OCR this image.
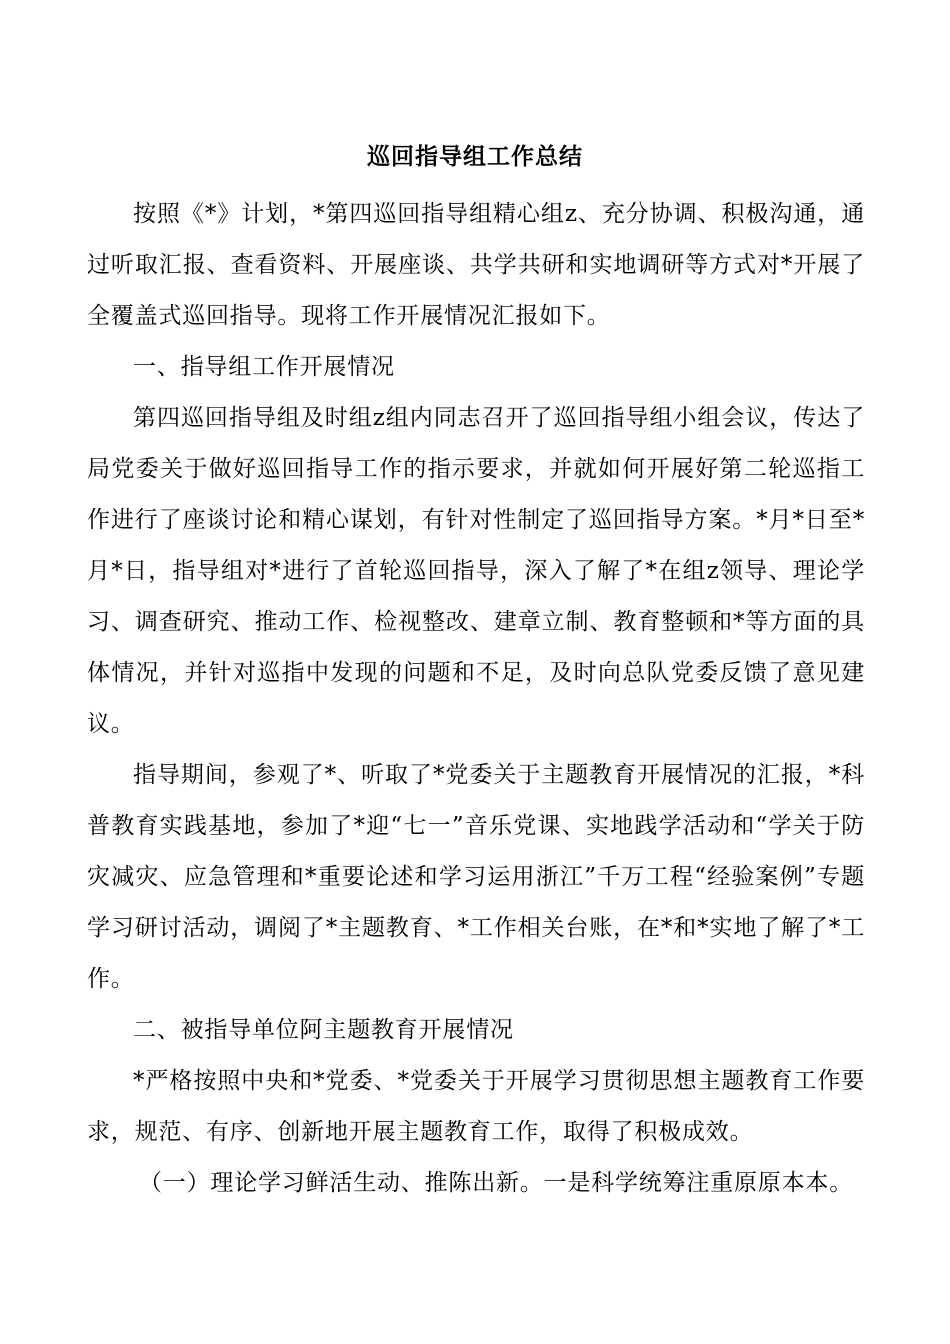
巡回指导组工作总结

按照《*》计划，*第四巡回指导组精心组z、充分协调、积极沟通，通过听取汇报、查看资料、开展座谈、共学共研和实地调研等方式对*开展了全覆盖式巡回指导。现将工作开展情况汇报如下。

一、指导组工作开展情况

第四巡回指导组及时组z组内同志召开了巡回指导组小组会议，传达了局党委关于做好巡回指导工作的指示要求，并就如何开展好第二轮巡指工作进行了座谈讨论和精心谋划，有针对性制定了巡回指导方案。*月*日至*月*日，指导组对*进行了首轮巡回指导，深入了解了*在组z领导、理论学习、调查研究、推动工作、检视整改、建章立制、教育整顿和*等方面的具体情况，并针对巡指中发现的问题和不足，及时向总队党委反馈了意见建议。

指导期间，参观了*、听取了*党委关于主题教育开展情况的汇报，*科普教育实践基地，参加了*迎“七一”音乐党课、实地践学活动和“学关于防灾减灾、应急管理和*重要论述和学习运用浙江”千万工程“经验案例”专题学习研讨活动，调阅了*主题教育、*工作相关台账，在*和*实地了解了*工作。

二、被指导单位阿主题教育开展情况

*严格按照中央和*党委、*党委关于开展学习贯彻思想主题教育工作要求，规范、有序、创新地开展主题教育工作，取得了积极成效。

（一）理论学习鲜活生动、推陈出新。一是科学统筹注重原原本本。
